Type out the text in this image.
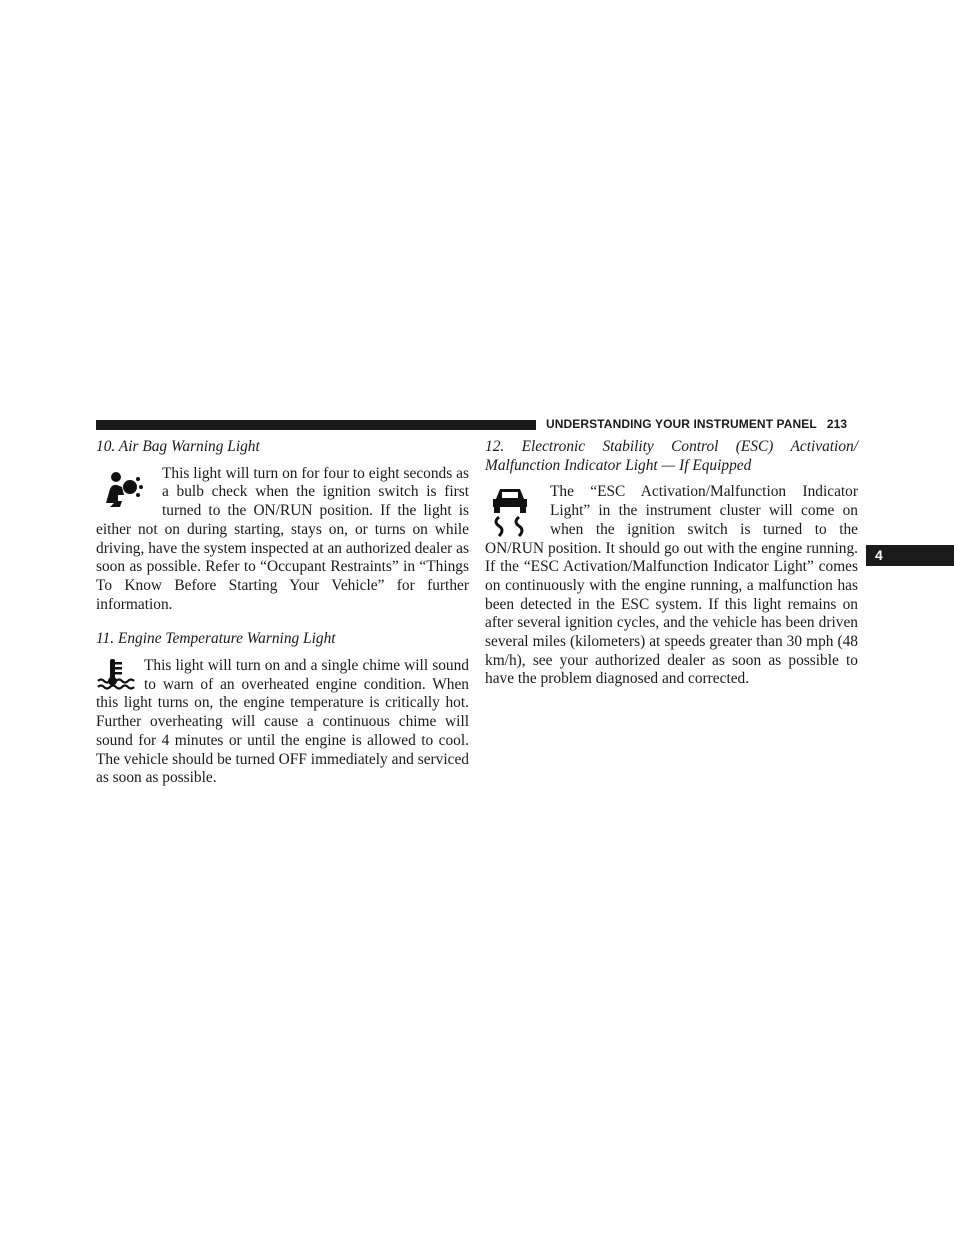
UNDERSTANDING YOUR INSTRUMENT PANEL 213
4

10. Air Bag Warning Light

This light will turn on for four to eight seconds as a bulb check when the ignition switch is first turned to the ON/RUN position. If the light is either not on during starting, stays on, or turns on while driving, have the system inspected at an authorized dealer as soon as possible. Refer to “Occupant Restraints” in “Things To Know Before Starting Your Vehicle” for further information.

11. Engine Temperature Warning Light

This light will turn on and a single chime will sound to warn of an overheated engine condition. When this light turns on, the engine temperature is critically hot. Further overheating will cause a continuous chime will sound for 4 minutes or until the engine is allowed to cool. The vehicle should be turned OFF immediately and serviced as soon as possible.

12. Electronic Stability Control (ESC) Activation/ Malfunction Indicator Light — If Equipped

The “ESC Activation/Malfunction Indicator Light” in the instrument cluster will come on when the ignition switch is turned to the ON/RUN position. It should go out with the engine running. If the “ESC Activation/Malfunction Indicator Light” comes on continuously with the engine running, a malfunction has been detected in the ESC system. If this light remains on after several ignition cycles, and the vehicle has been driven several miles (kilometers) at speeds greater than 30 mph (48 km/h), see your authorized dealer as soon as possible to have the problem diagnosed and corrected.
